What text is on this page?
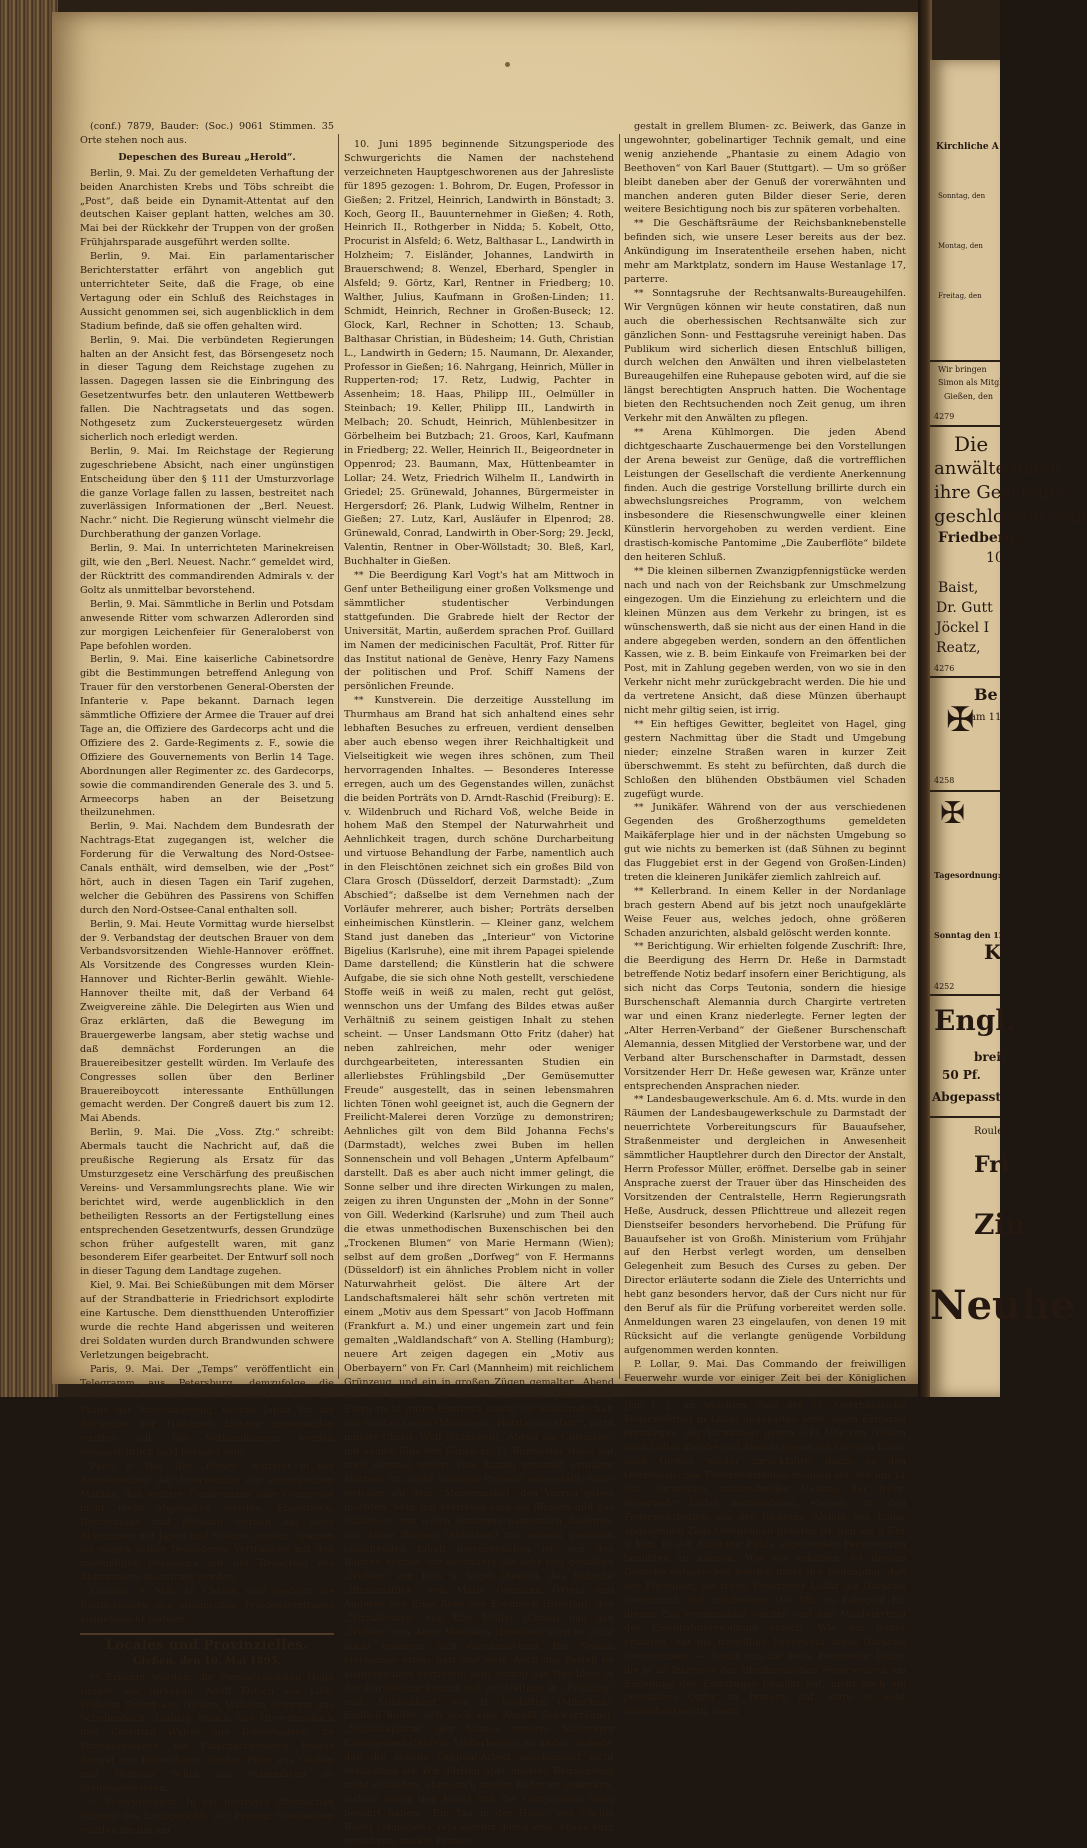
(conf.) 7879, Bauder: (Soc.) 9061 Stimmen. 35 Orte stehen noch aus.

Depeschen des Bureau „Herold“.

Berlin, 9. Mai. Zu der gemeldeten Verhaftung der beiden Anarchisten Krebs und Töbs schreibt die „Post“, daß beide ein Dynamit-Attentat auf den deutschen Kaiser geplant hatten, welches am 30. Mai bei der Rückkehr der Truppen von der großen Frühjahrsparade ausgeführt werden sollte.

Berlin, 9. Mai. Ein parlamentarischer Berichterstatter erfährt von angeblich gut unterrichteter Seite, daß die Frage, ob eine Vertagung oder ein Schluß des Reichstages in Aussicht genommen sei, sich augenblicklich in dem Stadium befinde, daß sie offen gehalten wird.

Berlin, 9. Mai. Die verbündeten Regierungen halten an der Ansicht fest, das Börsengesetz noch in dieser Tagung dem Reichstage zugehen zu lassen. Dagegen lassen sie die Einbringung des Gesetzentwurfes betr. den unlauteren Wettbewerb fallen. Die Nachtragsetats und das sogen. Nothgesetz zum Zuckersteuergesetz würden sicherlich noch erledigt werden.

Berlin, 9. Mai. Im Reichstage der Regierung zugeschriebene Absicht, nach einer ungünstigen Entscheidung über den § 111 der Umsturzvorlage die ganze Vorlage fallen zu lassen, bestreitet nach zuverlässigen Informationen der „Berl. Neuest. Nachr.“ nicht. Die Regierung wünscht vielmehr die Durchberathung der ganzen Vorlage.

Berlin, 9. Mai. In unterrichteten Marinekreisen gilt, wie den „Berl. Neuest. Nachr.“ gemeldet wird, der Rücktritt des commandirenden Admirals v. der Goltz als unmittelbar bevorstehend.

Berlin, 9. Mai. Sämmtliche in Berlin und Potsdam anwesende Ritter vom schwarzen Adlerorden sind zur morgigen Leichenfeier für Generaloberst von Pape befohlen worden.

Berlin, 9. Mai. Eine kaiserliche Cabinetsordre gibt die Bestimmungen betreffend Anlegung von Trauer für den verstorbenen General-Obersten der Infanterie v. Pape bekannt. Darnach legen sämmtliche Offiziere der Armee die Trauer auf drei Tage an, die Offiziere des Gardecorps acht und die Offiziere des 2. Garde-Regiments z. F., sowie die Offiziere des Gouvernements von Berlin 14 Tage. Abordnungen aller Regimenter zc. des Gardecorps, sowie die commandirenden Generale des 3. und 5. Armeecorps haben an der Beisetzung theilzunehmen.

Berlin, 9. Mai. Nachdem dem Bundesrath der Nachtrags-Etat zugegangen ist, welcher die Forderung für die Verwaltung des Nord-Ostsee-Canals enthält, wird demselben, wie der „Post“ hört, auch in diesen Tagen ein Tarif zugehen, welcher die Gebühren des Passirens von Schiffen durch den Nord-Ostsee-Canal enthalten soll.

Berlin, 9. Mai. Heute Vormittag wurde hierselbst der 9. Verbandstag der deutschen Brauer von dem Verbandsvorsitzenden Wiehle-Hannover eröffnet. Als Vorsitzende des Congresses wurden Klein-Hannover und Richter-Berlin gewählt. Wiehle-Hannover theilte mit, daß der Verband 64 Zweigvereine zähle. Die Delegirten aus Wien und Graz erklärten, daß die Bewegung im Brauergewerbe langsam, aber stetig wachse und daß demnächst Forderungen an die Brauereibesitzer gestellt würden. Im Verlaufe des Congresses sollen über den Berliner Brauereiboycott interessante Enthüllungen gemacht werden. Der Congreß dauert bis zum 12. Mai Abends.

Berlin, 9. Mai. Die „Voss. Ztg.“ schreibt: Abermals taucht die Nachricht auf, daß die preußische Regierung als Ersatz für das Umsturzgesetz eine Verschärfung des preußischen Vereins- und Versammlungsrechts plane. Wie wir berichtet wird, werde augenblicklich in den betheiligten Ressorts an der Fertigstellung eines entsprechenden Gesetzentwurfs, dessen Grundzüge schon früher aufgestellt waren, mit ganz besonderem Eifer gearbeitet. Der Entwurf soll noch in dieser Tagung dem Landtage zugehen.

Kiel, 9. Mai. Bei Schießübungen mit dem Mörser auf der Strandbatterie in Friedrichsort explodirte eine Kartusche. Dem dienstthuenden Unteroffizier wurde die rechte Hand abgerissen und weiteren drei Soldaten wurden durch Brandwunden schwere Verletzungen beigebracht.

Paris, 9. Mai. Der „Temps“ veröffentlicht ein Telegramm aus Petersburg, demzufolge die verbündeten Mächte eifrig unterhandeln über die Frage der Entschädigung, welche Japan für die Rückgabe der Halbinsel Liatong zugestanden werden soll. Die Verhandlungen werden voraussichtlich bald beendet sein.

Paris, 9. Mai. Der „Figaro“ schreibt in der Angelegenheit der Intervention der europäischen Mächte, daß weitere Conferenzen oder Congresse nicht mehr abgehalten werden. Frankreich, Deutschland und Rußland würden das neue Abkommen mit Japan und Spanien regeln. Spanien sei wegen seiner besonderen Vertrauheit mit den zuständigen Ostasien's mit der Redaction des Abkommens beauftragt worden.

London, 9. Mai. In Chefoo sind gestern die Ratificationen des japanischen Friedensvertrages ausgetauscht worden.

Locales und Provinzielles.
Gießen, den 10. Mai 1895.

** Ernannt wurden: die Forstaccessisten Hugo Gilmer aus Birkenau, Adolf Kutsch aus Lich, Wilhelm Scherf aus Gießen, Wilhelm Schwinn aus Schellenbach, Ludwig Strack aus Ober-Rossbach und Christian Walter aus Bobenhausen, zu Forstassessoren; die Finanzaccessisten Robert Bangel aus Bellersheim, Gustav Pflug aus Gießen und Wilhelm Schul aus Stammheim zu Steuerassessoren.

** Schwurgericht. In der gestrigen öffentlichen Sitzung des Landgerichts der Provinz Oberhessen wurden für die am

10. Juni 1895 beginnende Sitzungsperiode des Schwurgerichts die Namen der nachstehend verzeichneten Hauptgeschworenen aus der Jahresliste für 1895 gezogen: 1. Bohrom, Dr. Eugen, Professor in Gießen; 2. Fritzel, Heinrich, Landwirth in Bönstadt; 3. Koch, Georg II., Bauunternehmer in Gießen; 4. Roth, Heinrich II., Rothgerber in Nidda; 5. Kobelt, Otto, Procurist in Alsfeld; 6. Wetz, Balthasar L., Landwirth in Holzheim; 7. Eisländer, Johannes, Landwirth in Brauerschwend; 8. Wenzel, Eberhard, Spengler in Alsfeld; 9. Görtz, Karl, Rentner in Friedberg; 10. Walther, Julius, Kaufmann in Großen-Linden; 11. Schmidt, Heinrich, Rechner in Großen-Buseck; 12. Glock, Karl, Rechner in Schotten; 13. Schaub, Balthasar Christian, in Büdesheim; 14. Guth, Christian L., Landwirth in Gedern; 15. Naumann, Dr. Alexander, Professor in Gießen; 16. Nahrgang, Heinrich, Müller in Rupperten-rod; 17. Retz, Ludwig, Pachter in Assenheim; 18. Haas, Philipp III., Oelmüller in Steinbach; 19. Keller, Philipp III., Landwirth in Melbach; 20. Schudt, Heinrich, Mühlenbesitzer in Görbelheim bei Butzbach; 21. Groos, Karl, Kaufmann in Friedberg; 22. Weller, Heinrich II., Beigeordneter in Oppenrod; 23. Baumann, Max, Hüttenbeamter in Lollar; 24. Wetz, Friedrich Wilhelm II., Landwirth in Griedel; 25. Grünewald, Johannes, Bürgermeister in Hergersdorf; 26. Plank, Ludwig Wilhelm, Rentner in Gießen; 27. Lutz, Karl, Ausläufer in Elpenrod; 28. Grünewald, Conrad, Landwirth in Ober-Sorg; 29. Jeckl, Valentin, Rentner in Ober-Wöllstadt; 30. Bleß, Karl, Buchhalter in Gießen.

** Die Beerdigung Karl Vogt's hat am Mittwoch in Genf unter Betheiligung einer großen Volksmenge und sämmtlicher studentischer Verbindungen stattgefunden. Die Grabrede hielt der Rector der Universität, Martin, außerdem sprachen Prof. Guillard im Namen der medicinischen Facultät, Prof. Ritter für das Institut national de Genève, Henry Fazy Namens der politischen und Prof. Schiff Namens der persönlichen Freunde.

** Kunstverein. Die derzeitige Ausstellung im Thurmhaus am Brand hat sich anhaltend eines sehr lebhaften Besuches zu erfreuen, verdient denselben aber auch ebenso wegen ihrer Reichhaltigkeit und Vielseitigkeit wie wegen ihres schönen, zum Theil hervorragenden Inhaltes. — Besonderes Interesse erregen, auch um des Gegenstandes willen, zunächst die beiden Porträts von D. Arndt-Raschid (Freiburg): E. v. Wildenbruch und Richard Voß, welche Beide in hohem Maß den Stempel der Naturwahrheit und Aehnlichkeit tragen, durch schöne Durcharbeitung und virtuose Behandlung der Farbe, namentlich auch in den Fleischtönen zeichnet sich ein großes Bild von Clara Grosch (Düsseldorf, derzeit Darmstadt): „Zum Abschied“; daßselbe ist dem Vernehmen nach der Vorläufer mehrerer, auch bisher; Porträts derselben einheimischen Künstlerin. — Kleiner ganz, welchem Stand just daneben das „Interieur“ von Victorine Bigelius (Karlsruhe), eine mit ihrem Papagei spielende Dame darstellend; die Künstlerin hat die schwere Aufgabe, die sie sich ohne Noth gestellt, verschiedene Stoffe weiß in weiß zu malen, recht gut gelöst, wennschon uns der Umfang des Bildes etwas außer Verhältniß zu seinem geistigen Inhalt zu stehen scheint. — Unser Landsmann Otto Fritz (daher) hat neben zahlreichen, mehr oder weniger durchgearbeiteten, interessanten Studien ein allerliebstes Frühlingsbild „Der Gemüsemutter Freude“ ausgestellt, das in seinen lebensmahren lichten Tönen wohl geeignet ist, auch die Gegnern der Freilicht-Malerei deren Vorzüge zu demonstriren; Aehnliches gilt von dem Bild Johanna Fechs's (Darmstadt), welches zwei Buben im hellen Sonnenschein und voll Behagen „Unterm Apfelbaum“ darstellt. Daß es aber auch nicht immer gelingt, die Sonne selber und ihre directen Wirkungen zu malen, zeigen zu ihren Ungunsten der „Mohn in der Sonne“ von Gill. Wederkind (Karlsruhe) und zum Theil auch die etwas unmethodischen Buxenschischen bei den „Trockenen Blumen“ von Marie Hermann (Wien); selbst auf dem großen „Dorfweg“ von F. Hermanns (Düsseldorf) ist ein ähnliches Problem nicht in voller Naturwahrheit gelöst. Die ältere Art der Landschaftsmalerei hält sehr schön vertreten mit einem „Motiv aus dem Spessart“ von Jacob Hoffmann (Frankfurt a. M.) und einer ungemein zart und fein gemalten „Waldlandschaft“ von A. Stelling (Hamburg); neuere Art zeigen dagegen ein „Motiv aus Oberbayern“ von Fr. Carl (Mannheim) mit reichlichem Grünzeug, und ein in großen Zügen gemalter „Abend auf der Halde“ von Ernst Liebermann (Woldsdorf). Einen recht guten Eindruck macht die Waldlandschaft von Gustav Loelw (München) „Holztag im Harz“, nicht minder Christ. Wolf (München) „Abend am Chiemsee“ mit seinen üblichen Kühen zc. G. Burmester (Kiel) hat auch diesmal wieder eine Anzahl gewandt gemalter Marinen (zu recht mäßigen Preisen) ausgestellt, unter welchen wir dem „Morgennebel“ den Vorzug geben möchten. Sehr gut vertreten sind die Blumen und das Stillleben, von welch letzterem namentlich dasjenige von Luise Wagner (München) mit seinem geradezu täuschenden Inhalt hervorgehoben ist; von den Blumen nennen wir besonders die sehr fein gemalten „Nelken“ von Julie v. Vogel (Berlin), das hübsche „Blumenstück“ von Marie Germann (Wien) und Anderes von Elise Rees von Esenbeck (Breslau); den „Nizzablumen“ von Elze Müller (Gotha) und den „Nelken“ von Anna Massaien (Dresden) wird es nicht leicht gelingen, sich durchzusetzen. Die Nelken erscheinen etwas hart und steif. Auch das Pastell ist ausgezeichnet vertreten: sein Vorzug der Weichheit in der Darstellung kommt voll zur Geltung in „Frühling“ und „Studienkopf“ von H. Kosbüttel (München). Endlich finden sich noch eine Anzahl Schwarzkunst-„Majolikaplatte“ den Namen unseres bisherigen Kunstgewerbelehrers Müllerberger zu finden; schade, daß die schöne Original-Arbeit anscheinend nicht verkäuflich ist. Wir dürften aber unserer Betrachtung nicht schließen, ohne auch zweier Bilder zu gedenken, welche durch den Kunst und die Composition innig berührt haben: „Ein Tag in der Hölle“ von Cäcilie Bader (München), repräsentirt durch eine, etwas kurz gerathene, nackte Frauen-

gestalt in grellem Blumen- zc. Beiwerk, das Ganze in ungewohnter, gobelinartiger Technik gemalt, und eine wenig anziehende „Phantasie zu einem Adagio von Beethoven“ von Karl Bauer (Stuttgart). — Um so größer bleibt daneben aber der Genuß der vorerwähnten und manchen anderen guten Bilder dieser Serie, deren weitere Besichtigung noch bis zur späteren vorbehalten.

** Die Geschäftsräume der Reichsbanknebenstelle befinden sich, wie unsere Leser bereits aus der bez. Ankündigung im Inseratentheile ersehen haben, nicht mehr am Marktplatz, sondern im Hause Westanlage 17, parterre.

** Sonntagsruhe der Rechtsanwalts-Bureaugehilfen. Wir Vergnügen können wir heute constatiren, daß nun auch die oberhessischen Rechtsanwälte sich zur gänzlichen Sonn- und Festtagsruhe vereinigt haben. Das Publikum wird sicherlich diesen Entschluß billigen, durch welchen den Anwälten und ihren vielbelasteten Bureaugehilfen eine Ruhepause geboten wird, auf die sie längst berechtigten Anspruch hatten. Die Wochentage bieten den Rechtsuchenden noch Zeit genug, um ihren Verkehr mit den Anwälten zu pflegen.

** Arena Kühlmorgen. Die jeden Abend dichtgeschaarte Zuschauermenge bei den Vorstellungen der Arena beweist zur Genüge, daß die vortrefflichen Leistungen der Gesellschaft die verdiente Anerkennung finden. Auch die gestrige Vorstellung brillirte durch ein abwechslungsreiches Programm, von welchem insbesondere die Riesenschwungwelle einer kleinen Künstlerin hervorgehoben zu werden verdient. Eine drastisch-komische Pantomime „Die Zauberflöte“ bildete den heiteren Schluß.

** Die kleinen silbernen Zwanzigpfennigstücke werden nach und nach von der Reichsbank zur Umschmelzung eingezogen. Um die Einziehung zu erleichtern und die kleinen Münzen aus dem Verkehr zu bringen, ist es wünschenswerth, daß sie nicht aus der einen Hand in die andere abgegeben werden, sondern an den öffentlichen Kassen, wie z. B. beim Einkaufe von Freimarken bei der Post, mit in Zahlung gegeben werden, von wo sie in den Verkehr nicht mehr zurückgebracht werden. Die hie und da vertretene Ansicht, daß diese Münzen überhaupt nicht mehr giltig seien, ist irrig.

** Ein heftiges Gewitter, begleitet von Hagel, ging gestern Nachmittag über die Stadt und Umgebung nieder; einzelne Straßen waren in kurzer Zeit überschwemmt. Es steht zu befürchten, daß durch die Schloßen den blühenden Obstbäumen viel Schaden zugefügt wurde.

** Junikäfer. Während von der aus verschiedenen Gegenden des Großherzogthums gemeldeten Maikäferplage hier und in der nächsten Umgebung so gut wie nichts zu bemerken ist (daß Sühnen zu beginnt das Fluggebiet erst in der Gegend von Großen-Linden) treten die kleineren Junikäfer ziemlich zahlreich auf.

** Kellerbrand. In einem Keller in der Nordanlage brach gestern Abend auf bis jetzt noch unaufgeklärte Weise Feuer aus, welches jedoch, ohne größeren Schaden anzurichten, alsbald gelöscht werden konnte.

** Berichtigung. Wir erhielten folgende Zuschrift: Ihre, die Beerdigung des Herrn Dr. Heße in Darmstadt betreffende Notiz bedarf insofern einer Berichtigung, als sich nicht das Corps Teutonia, sondern die hiesige Burschenschaft Alemannia durch Chargirte vertreten war und einen Kranz niederlegte. Ferner legten der „Alter Herren-Verband“ der Gießener Burschenschaft Alemannia, dessen Mitglied der Verstorbene war, und der Verband alter Burschenschafter in Darmstadt, dessen Vorsitzender Herr Dr. Heße gewesen war, Kränze unter entsprechenden Ansprachen nieder.

** Landesbaugewerkschule. Am 6. d. Mts. wurde in den Räumen der Landesbaugewerkschule zu Darmstadt der neuerrichtete Vorbereitungscurs für Bauaufseher, Straßenmeister und dergleichen in Anwesenheit sämmtlicher Hauptlehrer durch den Director der Anstalt, Herrn Professor Müller, eröffnet. Derselbe gab in seiner Ansprache zuerst der Trauer über das Hinscheiden des Vorsitzenden der Centralstelle, Herrn Regierungsrath Heße, Ausdruck, dessen Pflichttreue und allezeit regen Dienstseifer besonders hervorhebend. Die Prüfung für Bauaufseher ist von Großh. Ministerium vom Frühjahr auf den Herbst verlegt worden, um denselben Gelegenheit zum Besuch des Curses zu geben. Der Director erläuterte sodann die Ziele des Unterrichts und hebt ganz besonders hervor, daß der Curs nicht nur für den Beruf als für die Prüfung vorbereitet werden solle. Anmeldungen waren 23 eingelaufen, von denen 19 mit Rücksicht auf die verlangte genügende Vorbildung aufgenommen werden konnten.

P. Lollar, 9. Mai. Das Commando der freiwilligen Feuerwehr wurde vor einiger Zeit bei der Königlichen Eisenbahn-Direction Frankfurt a. M. vorstellig, am 16. Juni l. J., an welchem Tage der 16. Oberhessische Feuerwehrtag in Lollar abgehalten wird, einen Extrazug einzulegen, der Vormittags gegen ½11 Uhr von Gießen nach Lollar abgehe und Abends gegen ½8 Uhr von Lollar nach Gießen wieder zurückfahre, damit es den Oberhessischen Feuerwehrleuten möglich sei, der um 11 Uhr Vormittags stattfindenden Uebung der freiw. Feuerwehr Lollar beizuwohnen, ebenso, um den Feuerwehrleuten aus der Richtung Alsfeld von Lollar abgehenden Zuge Gelegenheit geboten ist, den um 8 Uhr 5 Min. in der Richtung Fulda abgehenden Personenzug benutzen zu können. Wie wir erfahren, ist diesem Gesuche entsprochen worden unter der Bedingung, daß der Einsender, die freiw. Feuerwehr Lollar die Garantie übernimmt, daß mindestens 100 Mk. an Fahrgeld für diesen Zug vereinnahmt werden und den Minderertrag der Eisenbahnverwaltung ersetzt. Wie wir ferner erfahren, hat die freiwillige Feuerwehr diese Garantie übernommen. — Damit nun die freiw. Feuerwehr Lollar, die ja im Interesse der Oberhessischen Feuerwehren um Einlegung des Extrazuges bemüht hat, nicht noch ein pecuniäres Opfer zu bringen hat, wäre es sehr wünschenswerth, wenn

Kirchliche A
Sonntag, den
Montag, den
Freitag, den
Wir bringen
Simon als Mitglied
Gießen, den
4279
Die
anwälte mach
ihre Geschäfts
geschlossen sein
Friedberg,
10.
Baist,
Dr. Gutt
Jöckel I
Reatz,
4276
Be
am 11.
✠
4258
✠
Tagesordnung:
Sonntag den 12
K
4252
Engl.
breit
50 Pf.
Abgepasst
Roulea
Fri
Zin
Neuhe
